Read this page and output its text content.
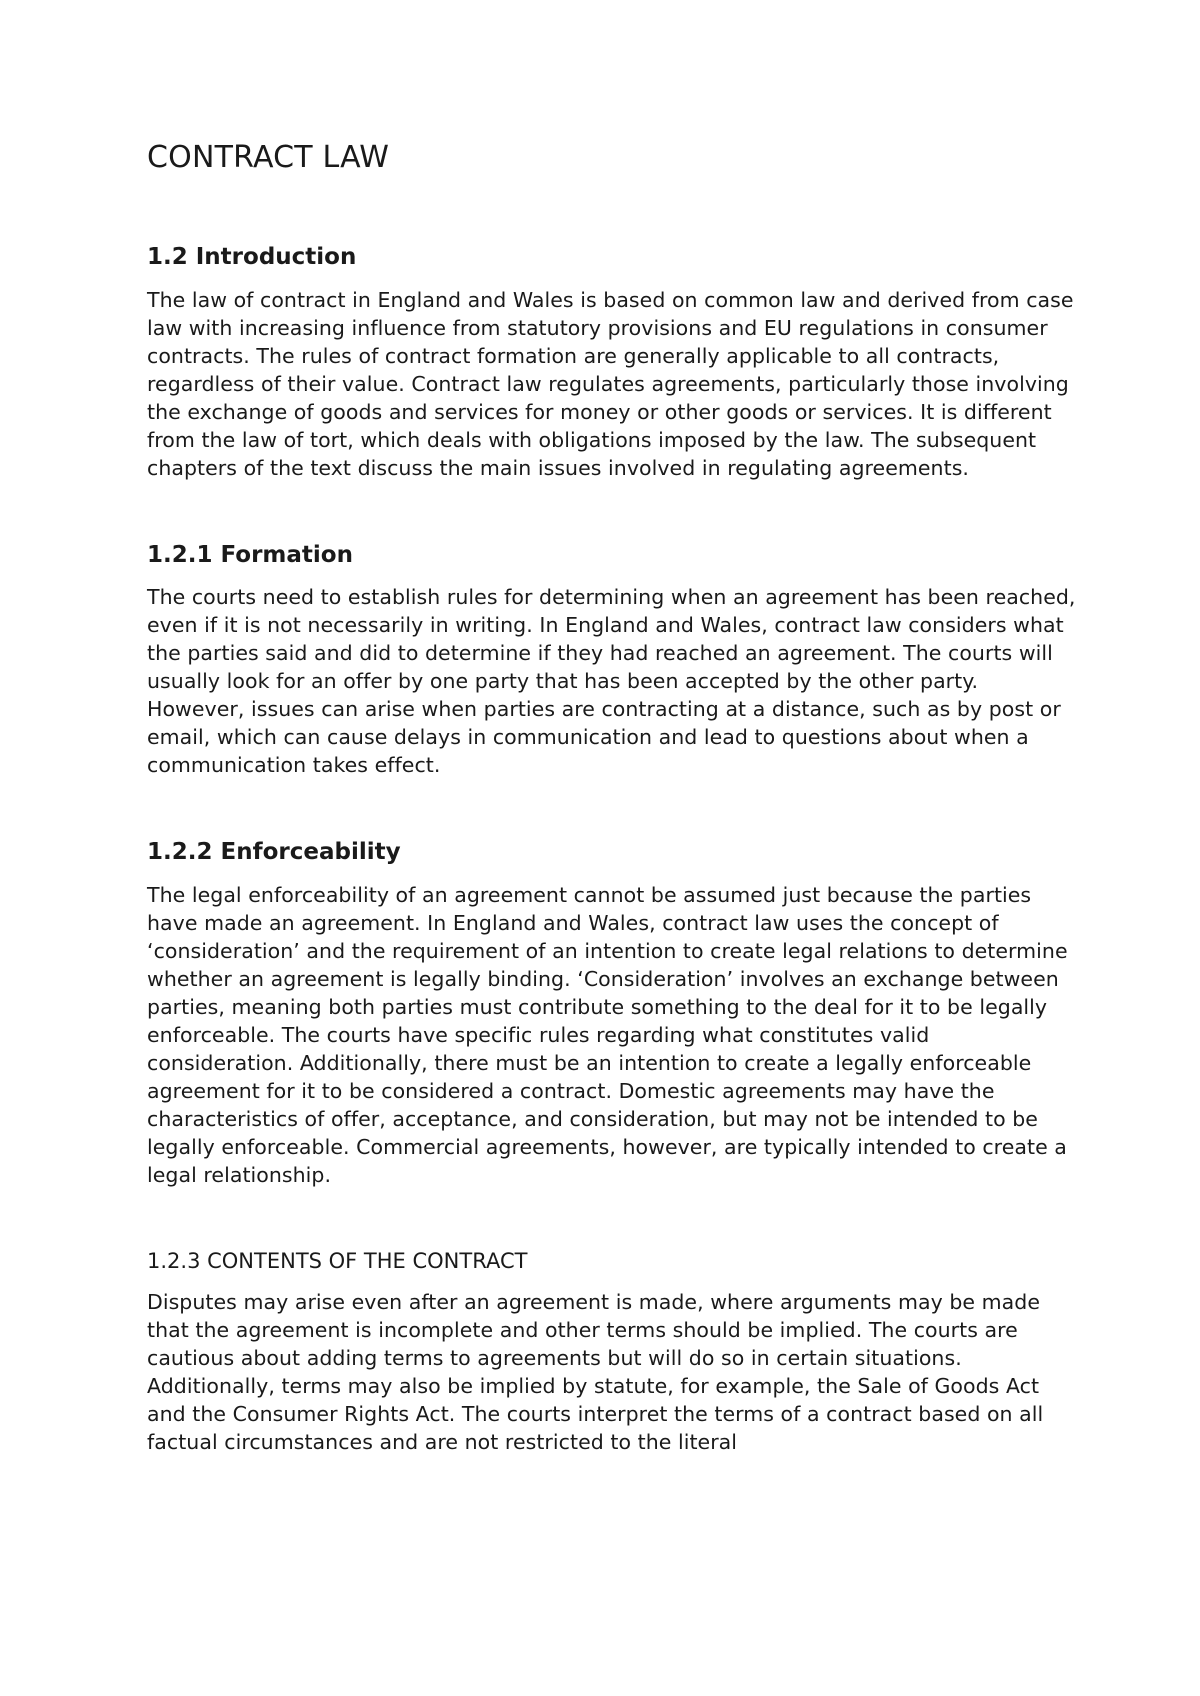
CONTRACT LAW
1.2 Introduction

The law of contract in England and Wales is based on common law and derived from case law with increasing influence from statutory provisions and EU regulations in consumer contracts. The rules of contract formation are generally applicable to all contracts, regardless of their value. Contract law regulates agreements, particularly those involving the exchange of goods and services for money or other goods or services. It is different from the law of tort, which deals with obligations imposed by the law. The subsequent chapters of the text discuss the main issues involved in regulating agreements.

1.2.1 Formation

The courts need to establish rules for determining when an agreement has been reached, even if it is not necessarily in writing. In England and Wales, contract law considers what the parties said and did to determine if they had reached an agreement. The courts will usually look for an offer by one party that has been accepted by the other party. However, issues can arise when parties are contracting at a distance, such as by post or email, which can cause delays in communication and lead to questions about when a communication takes effect.

1.2.2 Enforceability

The legal enforceability of an agreement cannot be assumed just because the parties have made an agreement. In England and Wales, contract law uses the concept of ‘consideration’ and the requirement of an intention to create legal relations to determine whether an agreement is legally binding. ‘Consideration’ involves an exchange between parties, meaning both parties must contribute something to the deal for it to be legally enforceable. The courts have specific rules regarding what constitutes valid consideration. Additionally, there must be an intention to create a legally enforceable agreement for it to be considered a contract. Domestic agreements may have the characteristics of offer, acceptance, and consideration, but may not be intended to be legally enforceable. Commercial agreements, however, are typically intended to create a legal relationship.

1.2.3 CONTENTS OF THE CONTRACT

Disputes may arise even after an agreement is made, where arguments may be made that the agreement is incomplete and other terms should be implied. The courts are cautious about adding terms to agreements but will do so in certain situations. Additionally, terms may also be implied by statute, for example, the Sale of Goods Act and the Consumer Rights Act. The courts interpret the terms of a contract based on all factual circumstances and are not restricted to the literal
